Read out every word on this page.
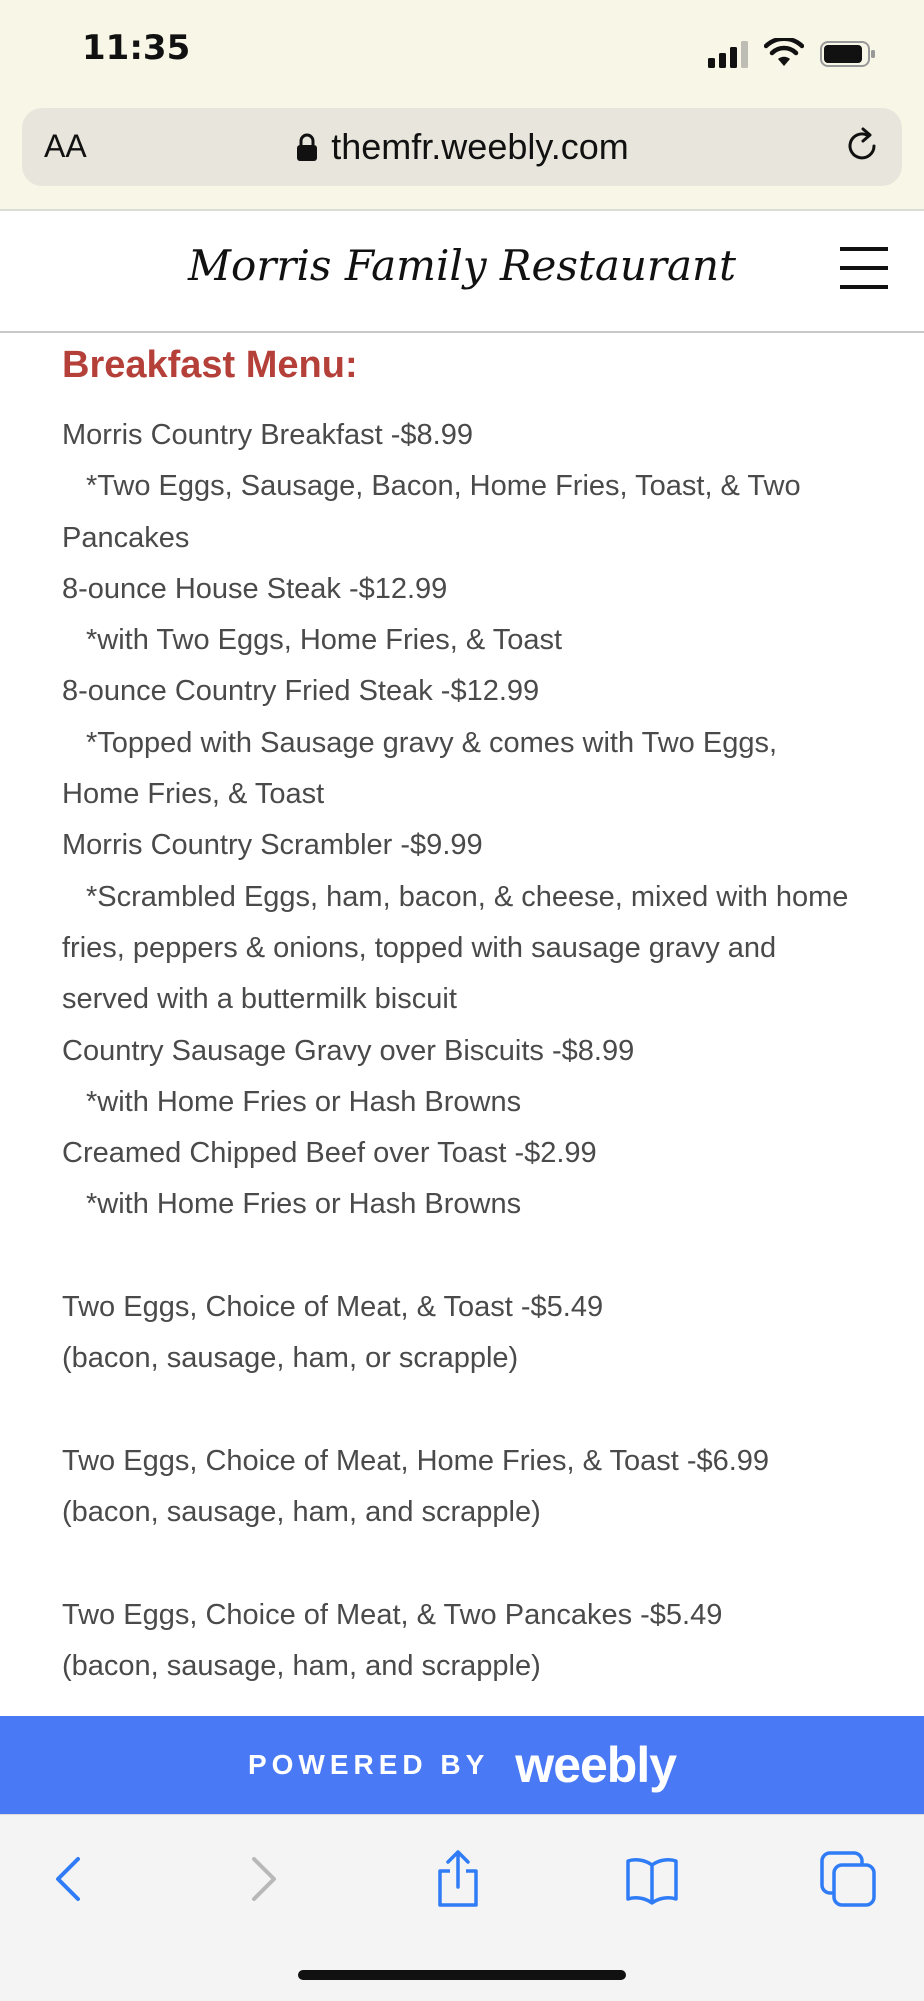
11:35
AA	themfr.weebly.com
Morris Family Restaurant
Breakfast Menu:
Morris Country Breakfast -$8.99
*Two Eggs, Sausage, Bacon, Home Fries, Toast, & Two
Pancakes
8-ounce House Steak -$12.99
*with Two Eggs, Home Fries, & Toast
8-ounce Country Fried Steak -$12.99
*Topped with Sausage gravy & comes with Two Eggs,
Home Fries, & Toast
Morris Country Scrambler -$9.99
*Scrambled Eggs, ham, bacon, & cheese, mixed with home
fries, peppers & onions, topped with sausage gravy and
served with a buttermilk biscuit
Country Sausage Gravy over Biscuits -$8.99
*with Home Fries or Hash Browns
Creamed Chipped Beef over Toast -$2.99
*with Home Fries or Hash Browns

Two Eggs, Choice of Meat, & Toast -$5.49
(bacon, sausage, ham, or scrapple)

Two Eggs, Choice of Meat, Home Fries, & Toast -$6.99
(bacon, sausage, ham, and scrapple)

Two Eggs, Choice of Meat, & Two Pancakes -$5.49
(bacon, sausage, ham, and scrapple)
POWERED BY weebly
